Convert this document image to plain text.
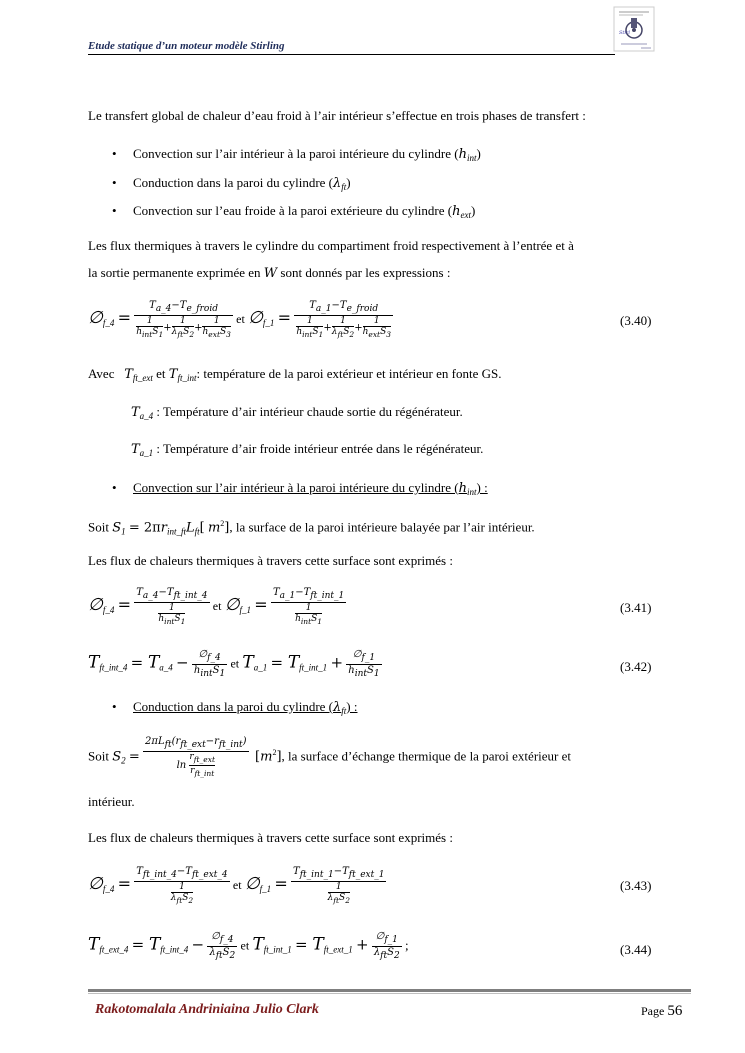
Etude statique d’un moteur modèle Stirling
Stirl
Le transfert global de chaleur d’eau froid à l’air intérieur s’effectue en trois phases de transfert :
• Convection sur l’air intérieur à la paroi intérieure du cylindre $(h_{int})$
• Conduction dans la paroi du cylindre $(\lambda_{ft})$
• Convection sur l’eau froide à la paroi extérieure du cylindre $(h_{ext})$
Les flux thermiques à travers le cylindre du compartiment froid respectivement à l’entrée et à
la sortie permanente exprimée en W sont donnés par les expressions :
$\emptyset_{f\_4}$ = Ta_4−Te_froid
1
$h_{int}S_1$
+
1
$\lambda_{ft}S_2$
+
1
$h_{ext}S_3$ et $\emptyset_{f\_1}$ = Ta_1−Te_froid
1
$h_{int}S_1$
+
1
$\lambda_{ft}S_2$
+
1
$h_{ext}S_3$	(3.40)
Avec $T_{ft\_ext}$ et $T_{ft\_int}$: température de la paroi extérieur et intérieur en fonte GS.
$T_{a\_4}$ : Température d’air intérieur chaude sortie du régénérateur.
$T_{a\_1}$ : Température d’air froide intérieur entrée dans le régénérateur.
• Convection sur l’air intérieur à la paroi intérieure du cylindre $(h_{int})$ :
Soit $S_1 = 2\pi r_{int\_ft}L_{ft}$[ $m^2$], la surface de la paroi intérieure balayée par l’air intérieur.
Les flux de chaleurs thermiques à travers cette surface sont exprimés :
$\emptyset_{f\_4}$ = Ta_4−Tft_int_4
1
$h_{int}S_1$ et $\emptyset_{f\_1}$ = Ta_1−Tft_int_1
1
$h_{int}S_1$	(3.41)
$T_{ft\_int\_4} = T_{a\_4} - \frac{\emptyset f\_4}{\text{hintS1}}$ et $T_{a\_1} = T_{ft\_int\_1} + \frac{\emptyset f\_1}{\text{hintS1}}$	(3.42)
• Conduction dans la paroi du cylindre $(\lambda_{ft})$ :
Soit $S_2$ = 2πLft(rft_ext−rft_int)
ln
$r_{ft\_ext}$
$r_{ft\_int}$ $[m^2]$, la surface d’échange thermique de la paroi extérieur et
intérieur.
Les flux de chaleurs thermiques à travers cette surface sont exprimés :
$\emptyset_{f\_4}$ = Tft_int_4−Tft_ext_4
1
$\lambda_{ft}S_2$ et $\emptyset_{f\_1}$ = Tft_int_1−Tft_ext_1
1
$\lambda_{ft}S_2$	(3.43)
$T_{ft\_ext\_4} = T_{ft\_int\_4} - \frac{\emptyset f\_4}{\text{λftS2}}$ et $T_{ft\_int\_1} = T_{ft\_ext\_1} + \frac{\emptyset f\_1}{\text{λftS2}}$ ;	(3.44)
Rakotomalala Andriniaina Julio Clark	Page 56
